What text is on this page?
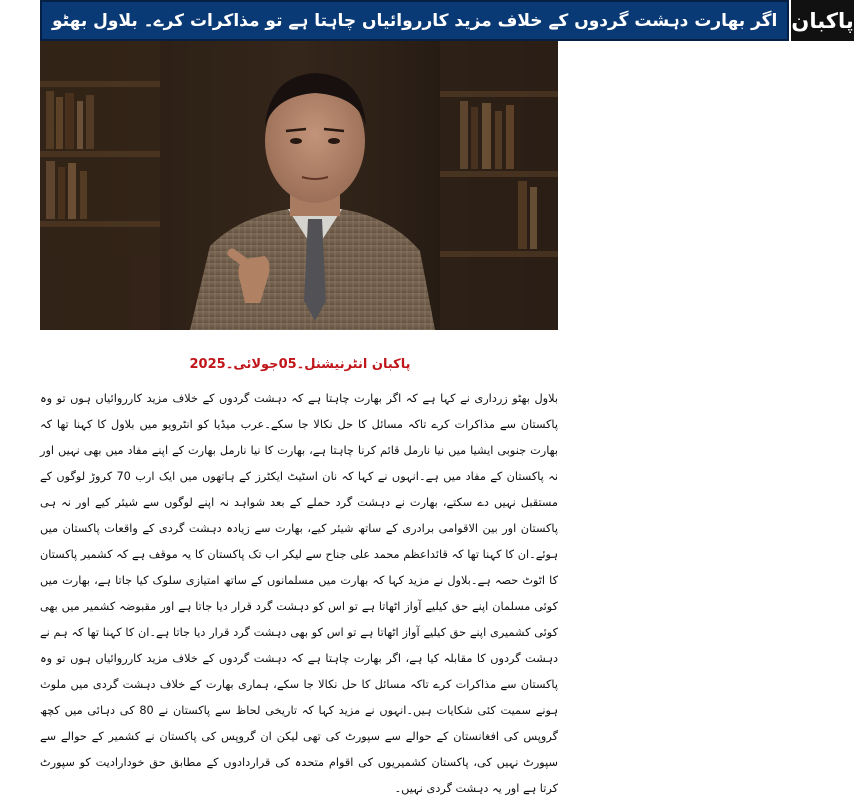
اگر بھارت دہشت گردوں کے خلاف مزید کارروائیاں چاہتا ہے تو مذاکرات کرے۔ بلاول بھٹو پاکبان
پاکبان انٹرنیشنل۔05جولائی۔2025

بلاول بھٹو زرداری نے کہا ہے کہ اگر بھارت چاہتا ہے کہ دہشت گردوں کے خلاف مزید کارروائیاں ہوں تو وہ پاکستان سے مذاکرات کرے تاکہ مسائل کا حل نکالا جا سکے۔عرب میڈیا کو انٹرویو میں بلاول کا کہنا تھا کہ بھارت جنوبی ایشیا میں نیا نارمل قائم کرنا چاہتا ہے، بھارت کا نیا نارمل بھارت کے اپنے مفاد میں بھی نہیں اور نہ پاکستان کے مفاد میں ہے۔انہوں نے کہا کہ نان اسٹیٹ ایکٹرز کے ہاتھوں میں ایک ارب 70 کروڑ لوگوں کے مستقبل نہیں دے سکتے، بھارت نے دہشت گرد حملے کے بعد شواہد نہ اپنے لوگوں سے شیئر کیے اور نہ ہی پاکستان اور بین الاقوامی برادری کے ساتھ شیئر کیے، بھارت سے زیادہ دہشت گردی کے واقعات پاکستان میں ہوئے۔ان کا کہنا تھا کہ قائداعظم محمد علی جناح سے لیکر اب تک پاکستان کا یہ موقف ہے کہ کشمیر پاکستان کا اٹوٹ حصہ ہے۔بلاول نے مزید کہا کہ بھارت میں مسلمانوں کے ساتھ امتیازی سلوک کیا جاتا ہے، بھارت میں کوئی مسلمان اپنے حق کیلیے آواز اٹھاتا ہے تو اس کو دہشت گرد قرار دیا جاتا ہے اور مقبوضہ کشمیر میں بھی کوئی کشمیری اپنے حق کیلیے آواز اٹھاتا ہے تو اس کو بھی دہشت گرد قرار دیا جاتا ہے۔ان کا کہنا تھا کہ ہم نے دہشت گردوں کا مقابلہ کیا ہے، اگر بھارت چاہتا ہے کہ دہشت گردوں کے خلاف مزید کارروائیاں ہوں تو وہ پاکستان سے مذاکرات کرے تاکہ مسائل کا حل نکالا جا سکے، ہماری بھارت کے خلاف دہشت گردی میں ملوث ہونے سمیت کئی شکایات ہیں۔انہوں نے مزید کہا کہ تاریخی لحاظ سے پاکستان نے 80 کی دہائی میں کچھ گروپس کی افغانستان کے حوالے سے سپورٹ کی تھی لیکن ان گروپس کی پاکستان نے کشمیر کے حوالے سے سپورٹ نہیں کی، پاکستان کشمیریوں کی اقوام متحدہ کی قراردادوں کے مطابق حق خودارادیت کو سپورٹ کرتا ہے اور یہ دہشت گردی نہیں۔
